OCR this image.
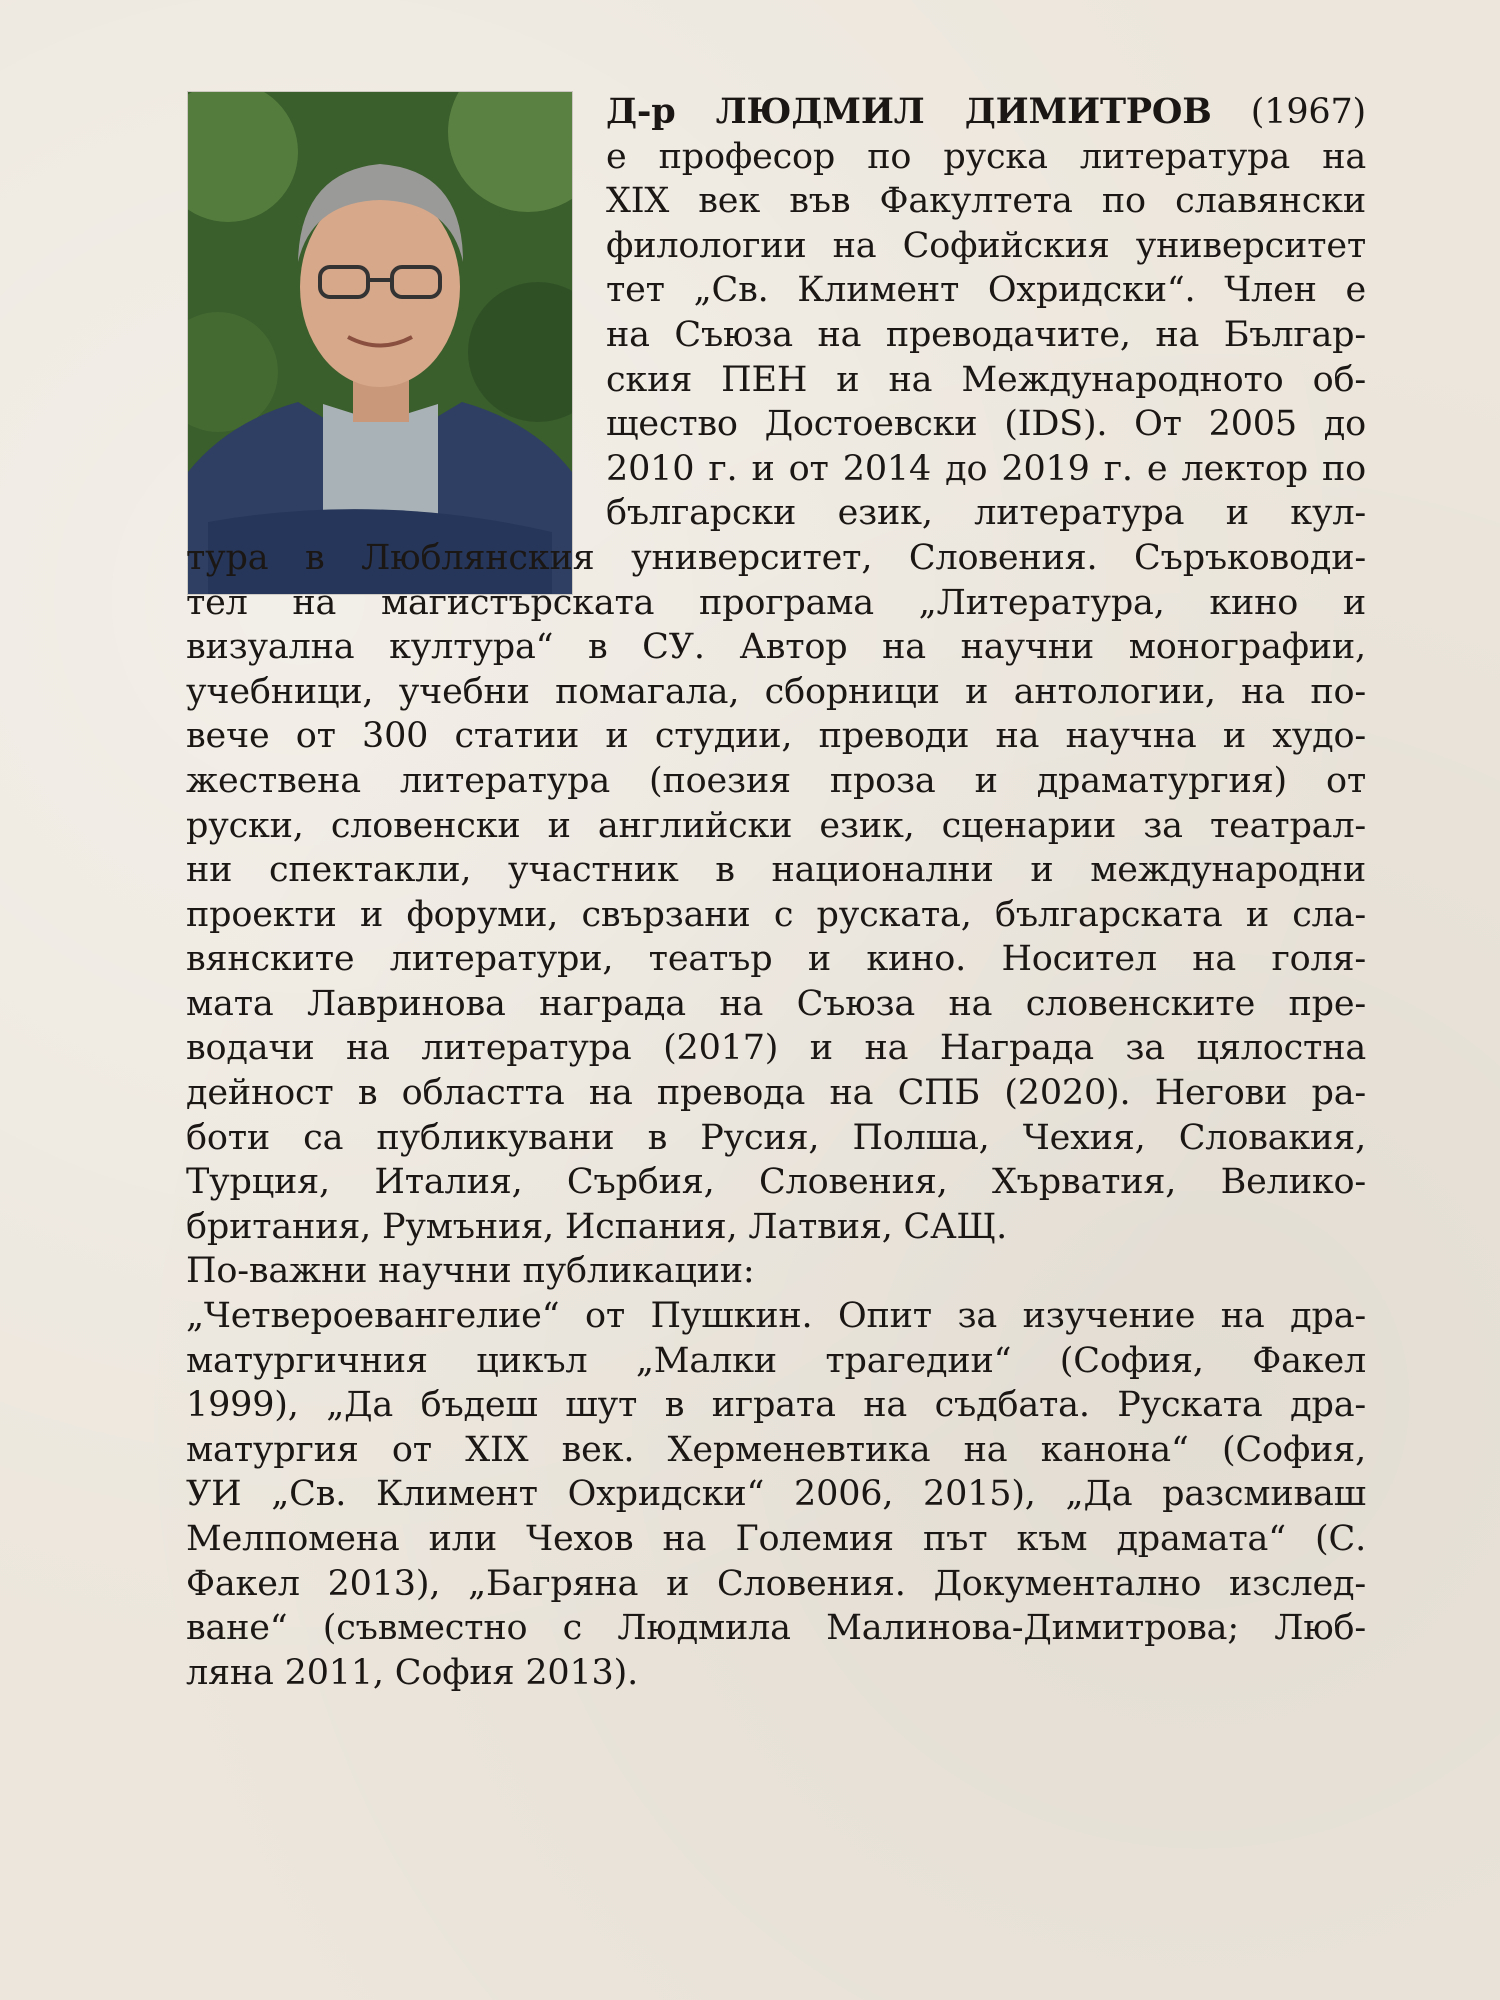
Д-р ЛЮДМИЛ ДИМИТРОВ (1967)
е професор по руска литература на
XIX век във Факултета по славянски
филологии на Софийския университет
тет „Св. Климент Охридски“. Член е
на Съюза на преводачите, на Българ-
ския ПЕН и на Международното об-
щество Достоевски (IDS). От 2005 до
2010 г. и от 2014 до 2019 г. е лектор по
български език, литература и кул-
тура в Люблянския университет, Словения. Съръководи-
тел на магистърската програма „Литература, кино и
визуална култура“ в СУ. Автор на научни монографии,
учебници, учебни помагала, сборници и антологии, на по-
вече от 300 статии и студии, преводи на научна и худо-
жествена литература (поезия проза и драматургия) от
руски, словенски и английски език, сценарии за театрал-
ни спектакли, участник в национални и международни
проекти и форуми, свързани с руската, българската и сла-
вянските литератури, театър и кино. Носител на голя-
мата Лавринова награда на Съюза на словенските пре-
водачи на литература (2017) и на Награда за цялостна
дейност в областта на превода на СПБ (2020). Негови ра-
боти са публикувани в Русия, Полша, Чехия, Словакия,
Турция, Италия, Сърбия, Словения, Хърватия, Велико-
британия, Румъния, Испания, Латвия, САЩ.
По-важни научни публикации:
„Четвероевангелие“ от Пушкин. Опит за изучение на дра-
матургичния цикъл „Малки трагедии“ (София, Факел
1999), „Да бъдеш шут в играта на съдбата. Руската дра-
матургия от XIX век. Херменевтика на канона“ (София,
УИ „Св. Климент Охридски“ 2006, 2015), „Да разсмиваш
Мелпомена или Чехов на Големия път към драмата“ (С.
Факел 2013), „Багряна и Словения. Документално изслед-
ване“ (съвместно с Людмила Малинова-Димитрова; Люб-
ляна 2011, София 2013).
